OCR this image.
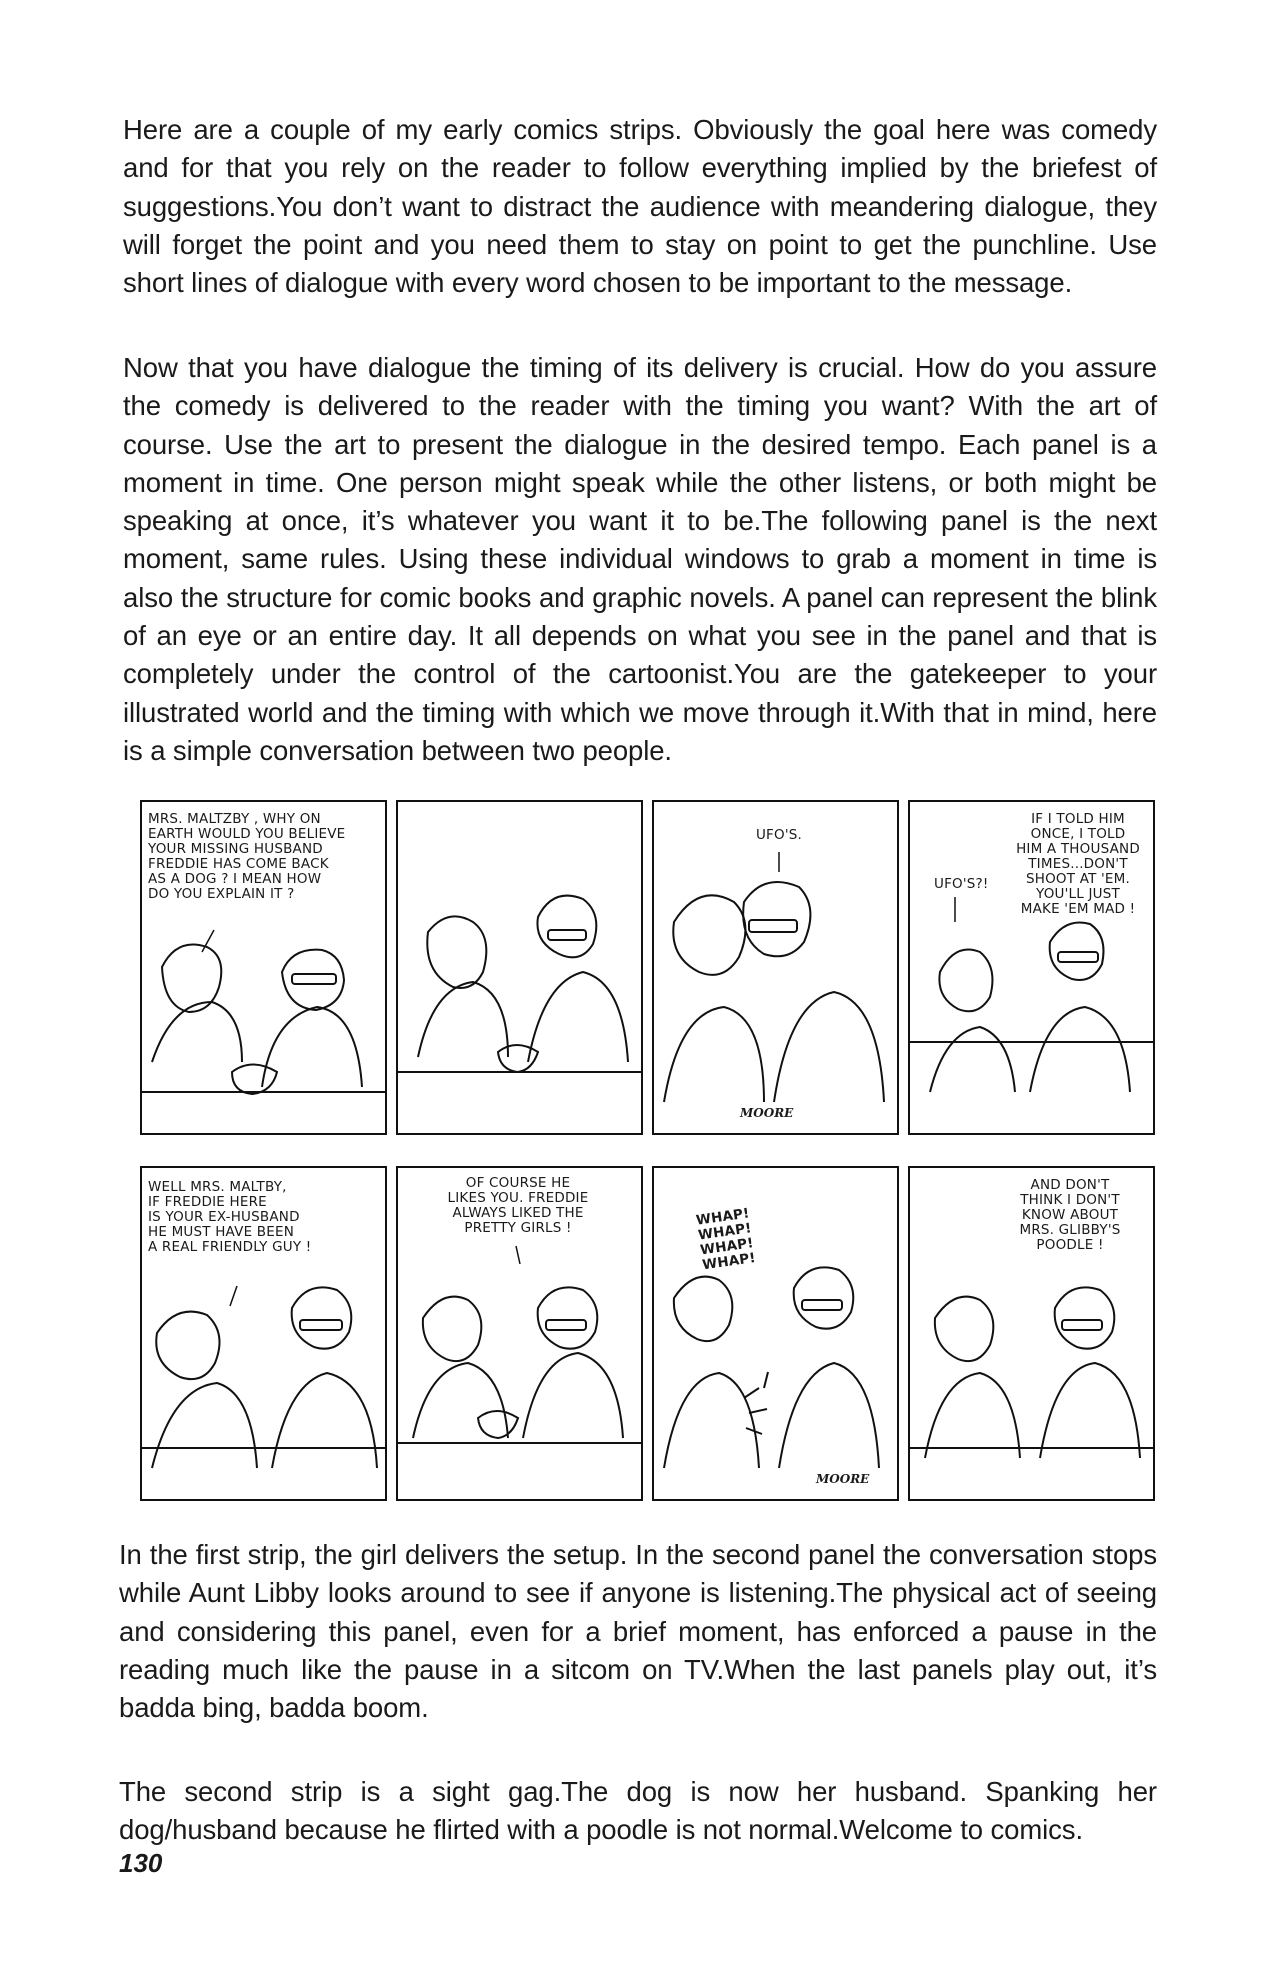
Here are a couple of my early comics strips. Obviously the goal here was comedy and for that you rely on the reader to follow everything implied by the briefest of suggestions.You don’t want to distract the audience with meandering dialogue, they will forget the point and you need them to stay on point to get the punchline. Use short lines of dialogue with every word chosen to be important to the message.
Now that you have dialogue the timing of its delivery is crucial. How do you assure the comedy is delivered to the reader with the timing you want? With the art of course. Use the art to present the dialogue in the desired tempo. Each panel is a moment in time. One person might speak while the other listens, or both might be speaking at once, it’s whatever you want it to be.The following panel is the next moment, same rules. Using these individual windows to grab a moment in time is also the structure for comic books and graphic novels. A panel can represent the blink of an eye or an entire day. It all depends on what you see in the panel and that is completely under the control of the cartoonist.You are the gatekeeper to your illustrated world and the timing with which we move through it.With that in mind, here is a simple conversation between two people.
MRS. MALTZBY , WHY ON
EARTH WOULD YOU BELIEVE
YOUR MISSING HUSBAND
FREDDIE HAS COME BACK
AS A DOG ? I MEAN HOW
DO YOU EXPLAIN IT ?
UFO'S.
UFO'S?!
IF I TOLD HIM
ONCE, I TOLD
HIM A THOUSAND
TIMES...DON'T
SHOOT AT 'EM.
YOU'LL JUST
MAKE 'EM MAD !
MOORE
WELL MRS. MALTBY,
IF FREDDIE HERE
IS YOUR EX-HUSBAND
HE MUST HAVE BEEN
A REAL FRIENDLY GUY !
OF COURSE HE
LIKES YOU. FREDDIE
ALWAYS LIKED THE
PRETTY GIRLS !	WHAP!
WHAP!
WHAP!
WHAP!
AND DON'T
THINK I DON'T
KNOW ABOUT
MRS. GLIBBY'S
POODLE !
MOORE
In the first strip, the girl delivers the setup. In the second panel the conversation stops while Aunt Libby looks around to see if anyone is listening.The physical act of seeing and considering this panel, even for a brief moment, has enforced a pause in the reading much like the pause in a sitcom on TV.When the last panels play out, it’s badda bing, badda boom.
The second strip is a sight gag.The dog is now her husband. Spanking her dog/husband because he flirted with a poodle is not normal.Welcome to comics.
130
